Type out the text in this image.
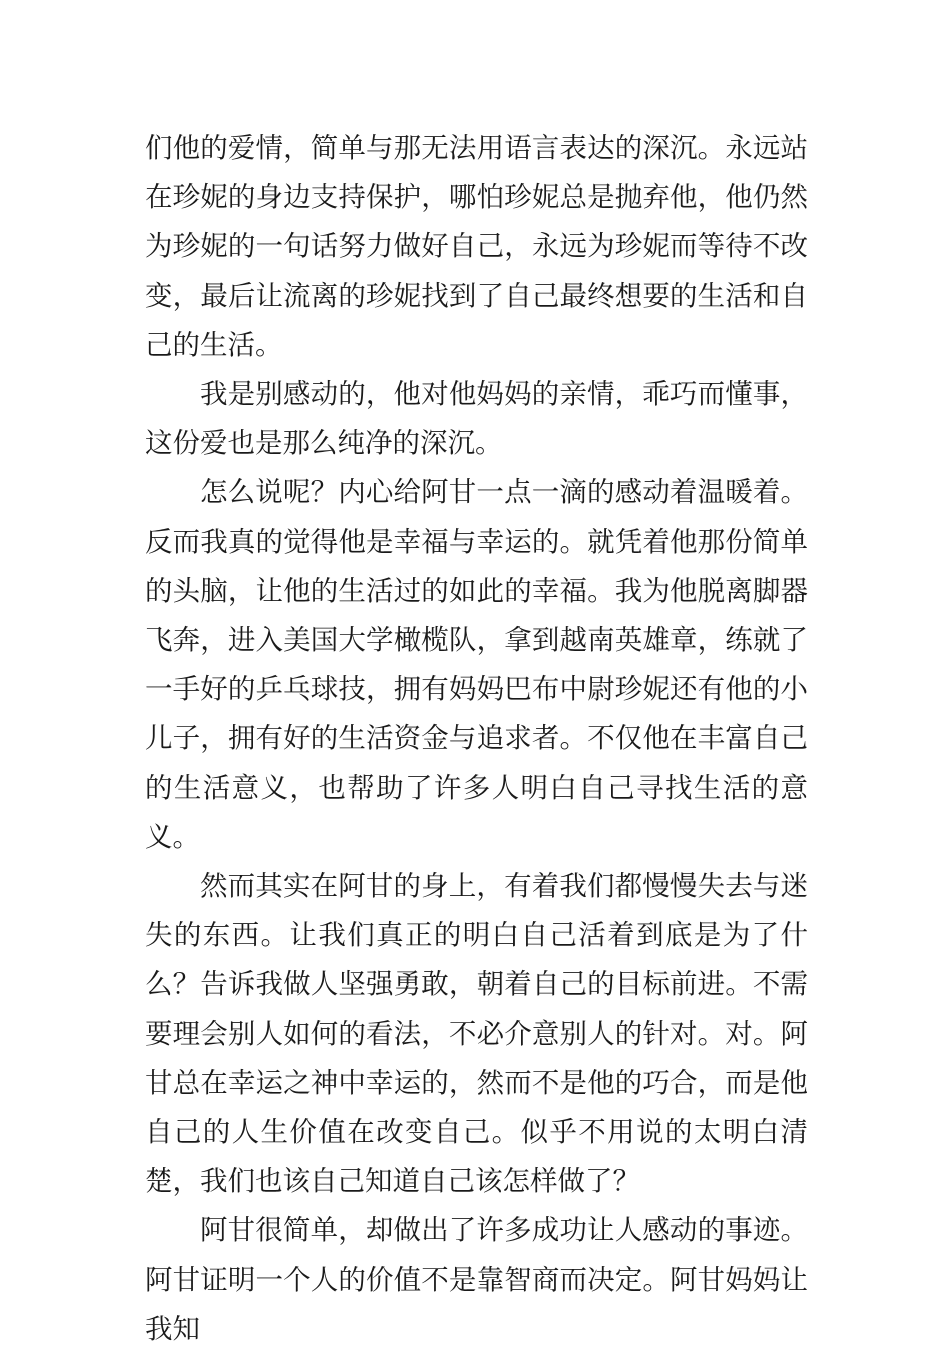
们他的爱情，简单与那无法用语言表达的深沉。永远站在珍妮的身边支持保护，哪怕珍妮总是抛弃他，他仍然为珍妮的一句话努力做好自己，永远为珍妮而等待不改变，最后让流离的珍妮找到了自己最终想要的生活和自己的生活。

我是别感动的，他对他妈妈的亲情，乖巧而懂事，这份爱也是那么纯净的深沉。

怎么说呢？内心给阿甘一点一滴的感动着温暖着。反而我真的觉得他是幸福与幸运的。就凭着他那份简单的头脑，让他的生活过的如此的幸福。我为他脱离脚器飞奔，进入美国大学橄榄队，拿到越南英雄章，练就了一手好的乒乓球技，拥有妈妈巴布中尉珍妮还有他的小儿子，拥有好的生活资金与追求者。不仅他在丰富自己的生活意义，也帮助了许多人明白自己寻找生活的意义。

然而其实在阿甘的身上，有着我们都慢慢失去与迷失的东西。让我们真正的明白自己活着到底是为了什么？告诉我做人坚强勇敢，朝着自己的目标前进。不需要理会别人如何的看法，不必介意别人的针对。对。阿甘总在幸运之神中幸运的，然而不是他的巧合，而是他自己的人生价值在改变自己。似乎不用说的太明白清楚，我们也该自己知道自己该怎样做了？

阿甘很简单，却做出了许多成功让人感动的事迹。阿甘证明一个人的价值不是靠智商而决定。阿甘妈妈让我知
